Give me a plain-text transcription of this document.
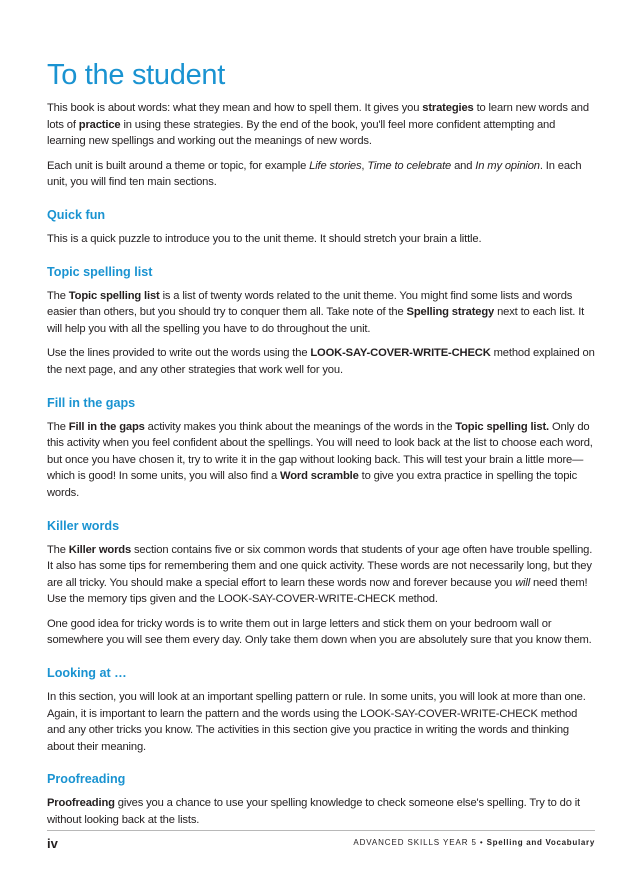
To the student

This book is about words: what they mean and how to spell them. It gives you strategies to learn new words and lots of practice in using these strategies. By the end of the book, you'll feel more confident attempting and learning new spellings and working out the meanings of new words.

Each unit is built around a theme or topic, for example Life stories, Time to celebrate and In my opinion. In each unit, you will find ten main sections.

Quick fun

This is a quick puzzle to introduce you to the unit theme. It should stretch your brain a little.

Topic spelling list

The Topic spelling list is a list of twenty words related to the unit theme. You might find some lists and words easier than others, but you should try to conquer them all. Take note of the Spelling strategy next to each list. It will help you with all the spelling you have to do throughout the unit.

Use the lines provided to write out the words using the LOOK-SAY-COVER-WRITE-CHECK method explained on the next page, and any other strategies that work well for you.

Fill in the gaps

The Fill in the gaps activity makes you think about the meanings of the words in the Topic spelling list. Only do this activity when you feel confident about the spellings. You will need to look back at the list to choose each word, but once you have chosen it, try to write it in the gap without looking back. This will test your brain a little more—which is good! In some units, you will also find a Word scramble to give you extra practice in spelling the topic words.

Killer words

The Killer words section contains five or six common words that students of your age often have trouble spelling. It also has some tips for remembering them and one quick activity. These words are not necessarily long, but they are all tricky. You should make a special effort to learn these words now and forever because you will need them! Use the memory tips given and the LOOK-SAY-COVER-WRITE-CHECK method.

One good idea for tricky words is to write them out in large letters and stick them on your bedroom wall or somewhere you will see them every day. Only take them down when you are absolutely sure that you know them.

Looking at …

In this section, you will look at an important spelling pattern or rule. In some units, you will look at more than one. Again, it is important to learn the pattern and the words using the LOOK-SAY-COVER-WRITE-CHECK method and any other tricks you know. The activities in this section give you practice in writing the words and thinking about their meaning.

Proofreading

Proofreading gives you a chance to use your spelling knowledge to check someone else's spelling. Try to do it without looking back at the lists.

iv	ADVANCED SKILLS YEAR 5 • Spelling and Vocabulary
